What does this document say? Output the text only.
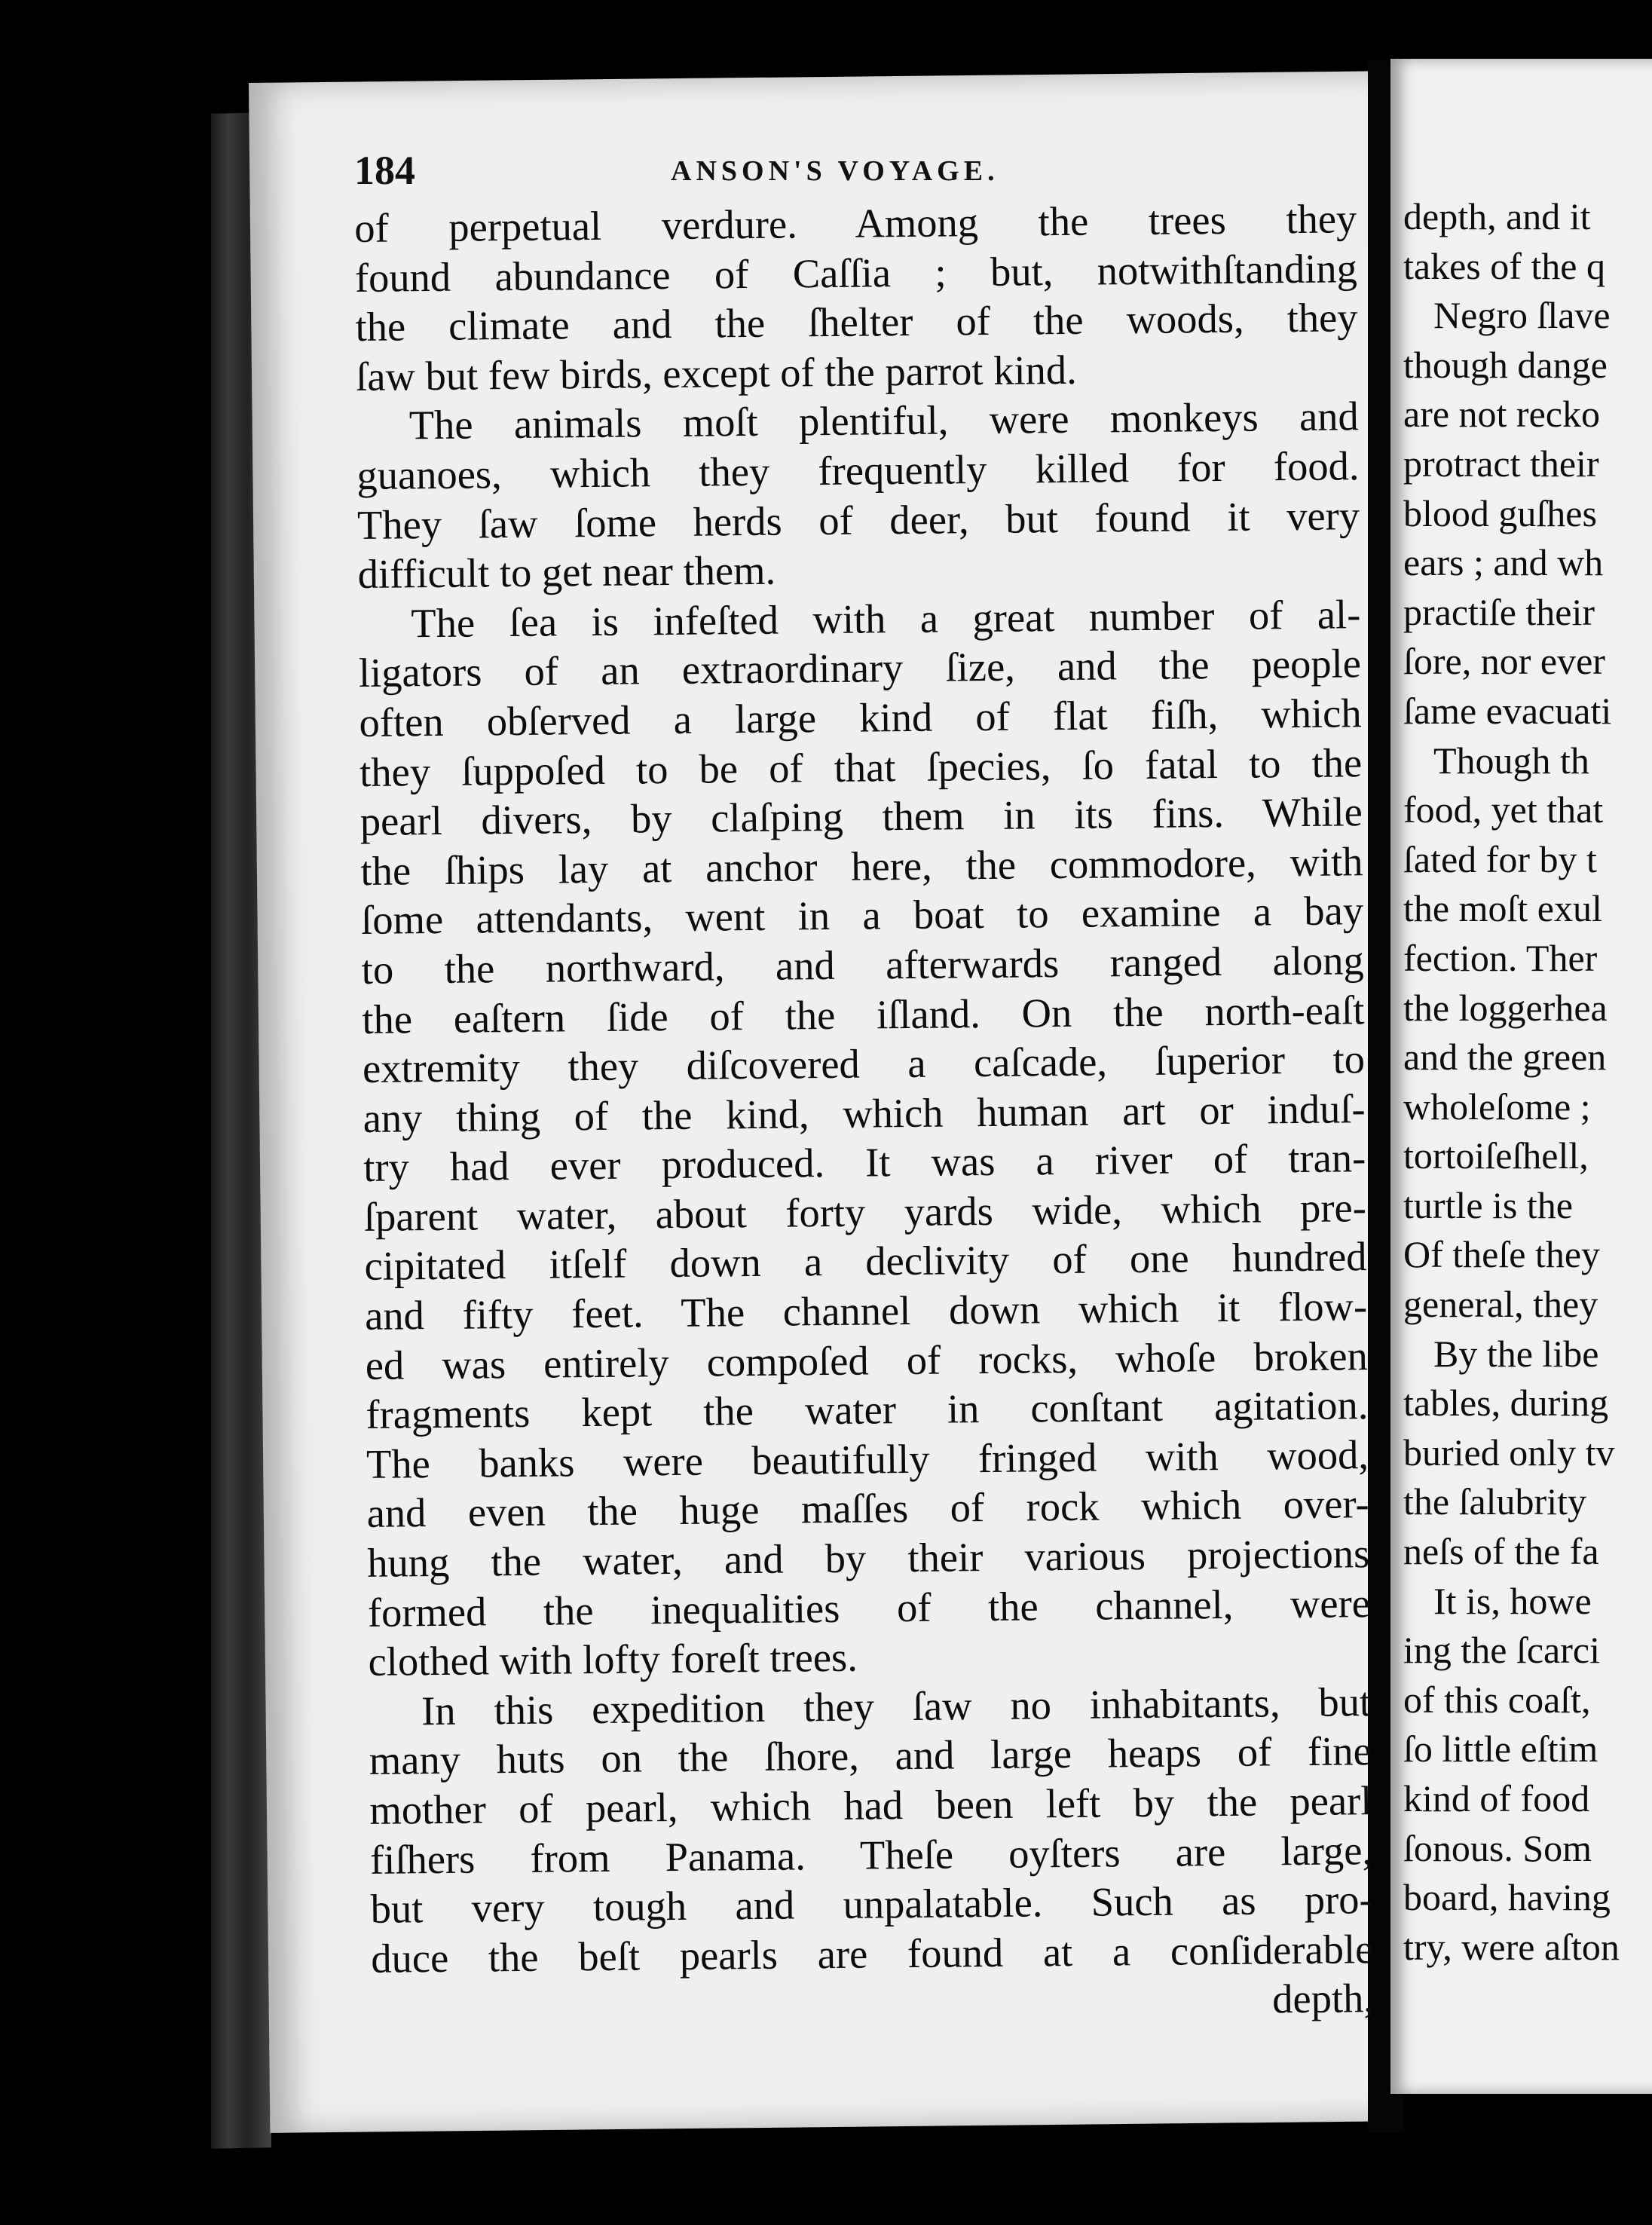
184	ANSON'S VOYAGE.
of perpetual verdure. Among the trees they
found abundance of Caſſia ; but, notwithſtanding
the climate and the ſhelter of the woods, they
ſaw but few birds, except of the parrot kind.
The animals moſt plentiful, were monkeys and
guanoes, which they frequently killed for food.
They ſaw ſome herds of deer, but found it very
difficult to get near them.
The ſea is infeſted with a great number of al-
ligators of an extraordinary ſize, and the people
often obſerved a large kind of flat fiſh, which
they ſuppoſed to be of that ſpecies, ſo fatal to the
pearl divers, by claſping them in its fins. While
the ſhips lay at anchor here, the commodore, with
ſome attendants, went in a boat to examine a bay
to the northward, and afterwards ranged along
the eaſtern ſide of the iſland. On the north-eaſt
extremity they diſcovered a caſcade, ſuperior to
any thing of the kind, which human art or induſ-
try had ever produced. It was a river of tran-
ſparent water, about forty yards wide, which pre-
cipitated itſelf down a declivity of one hundred
and fifty feet. The channel down which it flow-
ed was entirely compoſed of rocks, whoſe broken
fragments kept the water in conſtant agitation.
The banks were beautifully fringed with wood,
and even the huge maſſes of rock which over-
hung the water, and by their various projections
formed the inequalities of the channel, were
clothed with lofty foreſt trees.
In this expedition they ſaw no inhabitants, but
many huts on the ſhore, and large heaps of fine
mother of pearl, which had been left by the pearl
fiſhers from Panama. Theſe oyſters are large,
but very tough and unpalatable. Such as pro-
duce the beſt pearls are found at a conſiderable
depth,
depth, and it
takes of the q
Negro ſlave
though dange
are not recko
protract their
blood guſhes
ears ; and wh
practiſe their
ſore, nor ever
ſame evacuati
Though th
food, yet that
ſated for by t
the moſt exul
fection. Ther
the loggerhea
and the green
wholeſome ;
tortoiſeſhell,
turtle is the
Of theſe they
general, they
By the libe
tables, during
buried only tv
the ſalubrity
neſs of the fa
It is, howe
ing the ſcarci
of this coaſt,
ſo little eſtim
kind of food
ſonous. Som
board, having
try, were aſton
